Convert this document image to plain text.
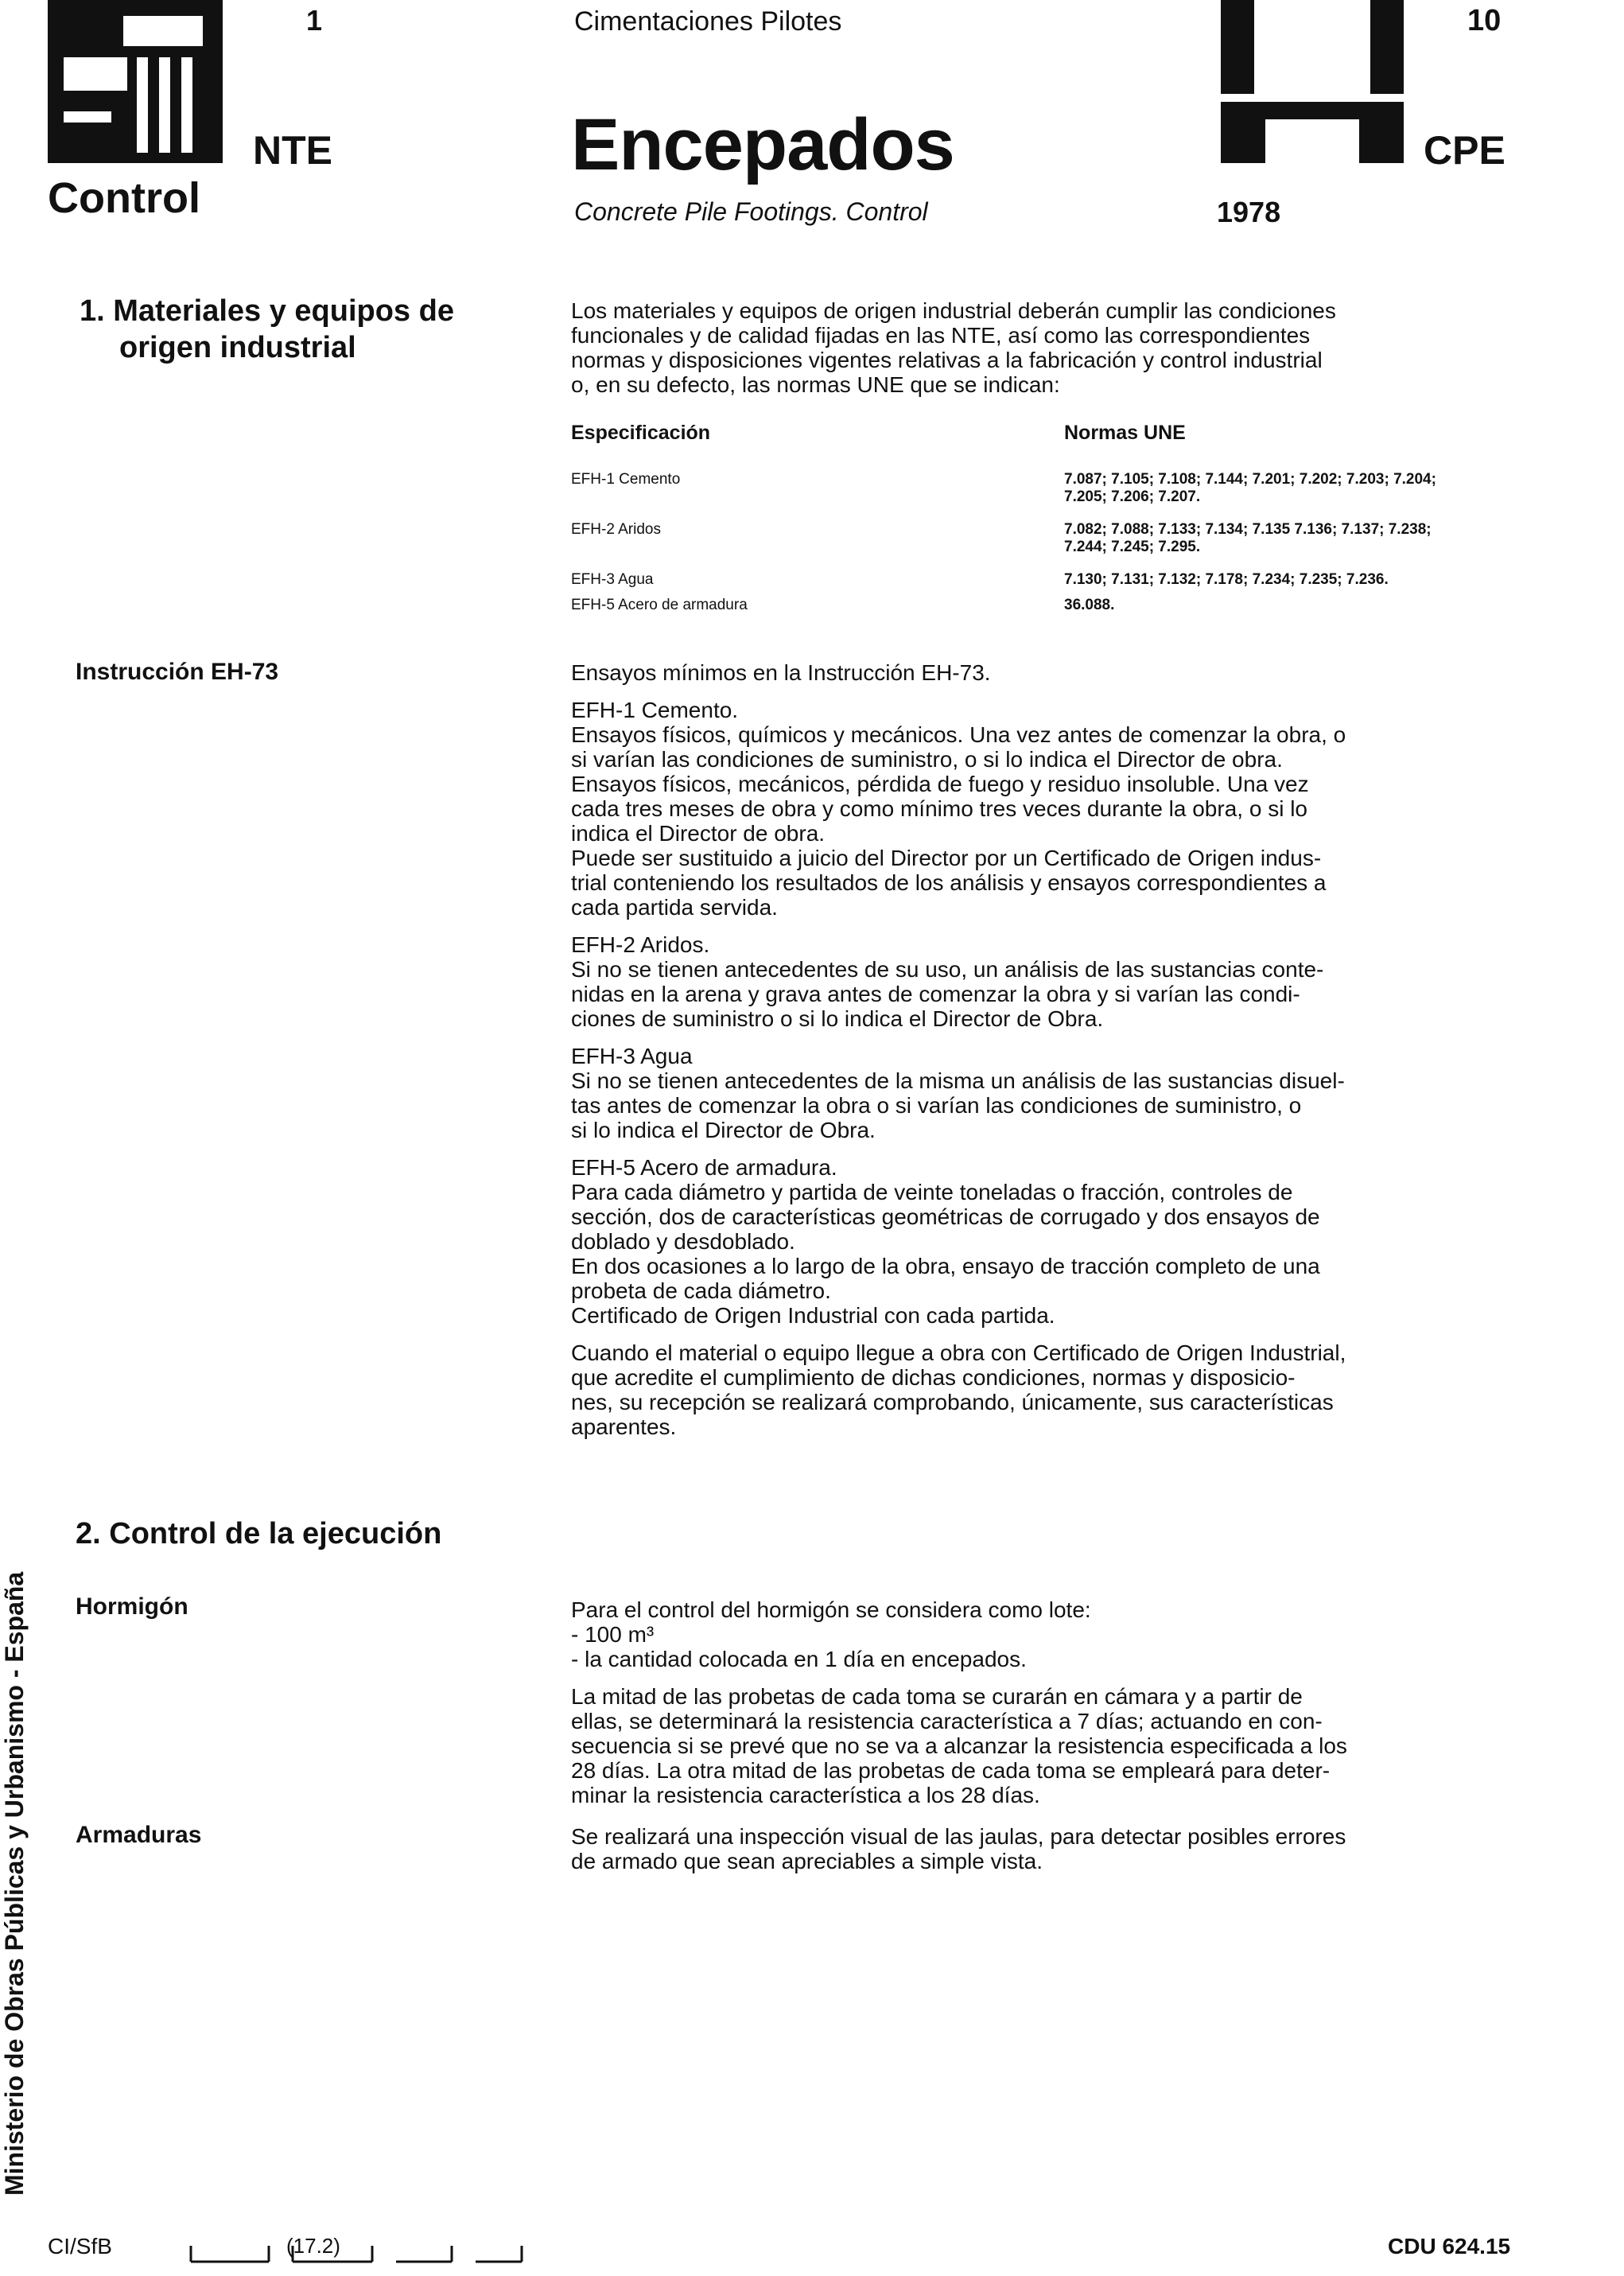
1
NTE
Control
Cimentaciones Pilotes
Encepados
Concrete Pile Footings. Control
10
CPE
1978
1. Materiales y equipos de
origen industrial
Los materiales y equipos de origen industrial deberán cumplir las condiciones
funcionales y de calidad fijadas en las NTE, así como las correspondientes
normas y disposiciones vigentes relativas a la fabricación y control industrial
o, en su defecto, las normas UNE que se indican:
Especificación	Normas UNE
EFH-1 Cemento	7.087; 7.105; 7.108; 7.144; 7.201; 7.202; 7.203; 7.204;
7.205; 7.206; 7.207.
EFH-2 Aridos	7.082; 7.088; 7.133; 7.134; 7.135 7.136; 7.137; 7.238;
7.244; 7.245; 7.295.
EFH-3 Agua	7.130; 7.131; 7.132; 7.178; 7.234; 7.235; 7.236.
EFH-5 Acero de armadura	36.088.
Instrucción EH-73	Ensayos mínimos en la Instrucción EH-73.
EFH-1 Cemento.
Ensayos físicos, químicos y mecánicos. Una vez antes de comenzar la obra, o
si varían las condiciones de suministro, o si lo indica el Director de obra.
Ensayos físicos, mecánicos, pérdida de fuego y residuo insoluble. Una vez
cada tres meses de obra y como mínimo tres veces durante la obra, o si lo
indica el Director de obra.
Puede ser sustituido a juicio del Director por un Certificado de Origen indus-
trial conteniendo los resultados de los análisis y ensayos correspondientes a
cada partida servida.
EFH-2 Aridos.
Si no se tienen antecedentes de su uso, un análisis de las sustancias conte-
nidas en la arena y grava antes de comenzar la obra y si varían las condi-
ciones de suministro o si lo indica el Director de Obra.
EFH-3 Agua
Si no se tienen antecedentes de la misma un análisis de las sustancias disuel-
tas antes de comenzar la obra o si varían las condiciones de suministro, o
si lo indica el Director de Obra.
EFH-5 Acero de armadura.
Para cada diámetro y partida de veinte toneladas o fracción, controles de
sección, dos de características geométricas de corrugado y dos ensayos de
doblado y desdoblado.
En dos ocasiones a lo largo de la obra, ensayo de tracción completo de una
probeta de cada diámetro.
Certificado de Origen Industrial con cada partida.
Cuando el material o equipo llegue a obra con Certificado de Origen Industrial,
que acredite el cumplimiento de dichas condiciones, normas y disposicio-
nes, su recepción se realizará comprobando, únicamente, sus características
aparentes.
2. Control de la ejecución
Hormigón	Para el control del hormigón se considera como lote:
- 100 m³
- la cantidad colocada en 1 día en encepados.
La mitad de las probetas de cada toma se curarán en cámara y a partir de
ellas, se determinará la resistencia característica a 7 días; actuando en con-
secuencia si se prevé que no se va a alcanzar la resistencia especificada a los
28 días. La otra mitad de las probetas de cada toma se empleará para deter-
minar la resistencia característica a los 28 días.
Armaduras	Se realizará una inspección visual de las jaulas, para detectar posibles errores
de armado que sean apreciables a simple vista.
Ministerio de Obras Públicas y Urbanismo - España
CI/SfB	(17.2)	CDU 624.15
